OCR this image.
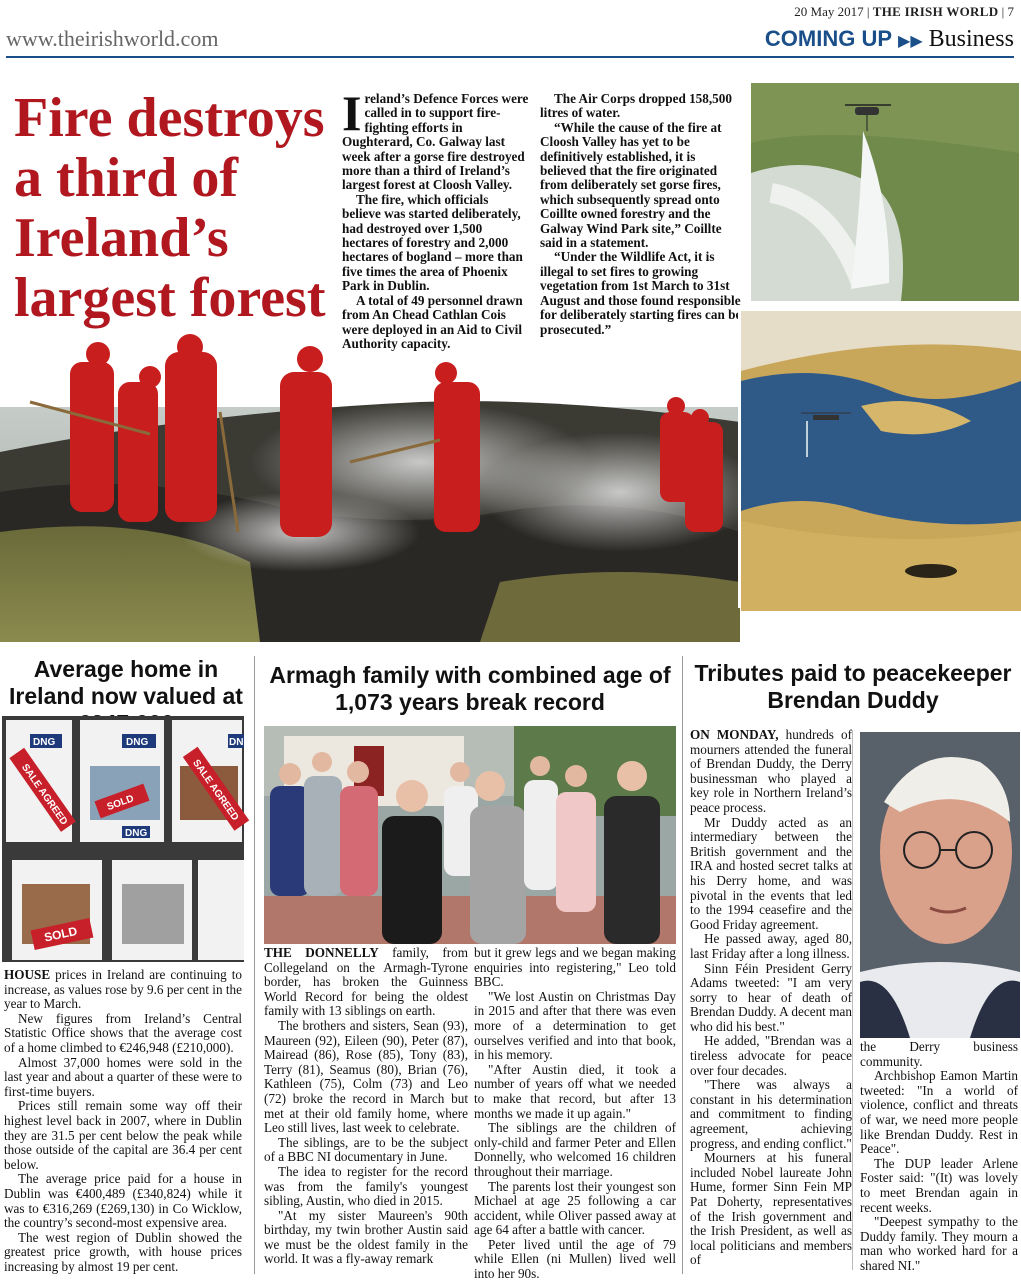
20 May 2017 | THE IRISH WORLD | 7
www.theirishworld.com	COMING UP ▶▶ Business
Fire destroys a third of Ireland’s largest forest
I reland’s Defence Forces were called in to support fire-fighting efforts in Oughterard, Co. Galway last week after a gorse fire destroyed more than a third of Ireland’s largest forest at Cloosh Valley.

The fire, which officials believe was started deliberately, had destroyed over 1,500 hectares of forestry and 2,000 hectares of bogland – more than five times the area of Phoenix Park in Dublin.

A total of 49 personnel drawn from An Chead Cathlan Cois were deployed in an Aid to Civil Authority capacity.

The Air Corps dropped 158,500 litres of water.

“While the cause of the fire at Cloosh Valley has yet to be definitively established, it is believed that the fire originated from deliberately set gorse fires, which subsequently spread onto Coillte owned forestry and the Galway Wind Park site,” Coillte said in a statement.

“Under the Wildlife Act, it is illegal to set fires to growing vegetation from 1st March to 31st August and those found responsible for deliberately starting fires can be prosecuted.”

Average home in Ireland now valued at
DNG	DNG	DNG
DNG
SALE AGREED	SOLD	SALE AGREED
SOLD

HOUSE prices in Ireland are continuing to increase, as values rose by 9.6 per cent in the year to March.

New figures from Ireland’s Central Statistic Office shows that the average cost of a home climbed to €246,948 (£210,000).

Almost 37,000 homes were sold in the last year and about a quarter of these were to first-time buyers.

Prices still remain some way off their highest level back in 2007, where in Dublin they are 31.5 per cent below the peak while those outside of the capital are 36.4 per cent below.

The average price paid for a house in Dublin was €400,489 (£340,824) while it was to €316,269 (£269,130) in Co Wicklow, the country’s second-most expensive area.

The west region of Dublin showed the greatest price growth, with house prices increasing by almost 19 per cent.

Armagh family with combined age of 1,073 years break record

THE DONNELLY family, from Collegeland on the Armagh-Tyrone border, has broken the Guinness World Record for being the oldest family with 13 siblings on earth.

The brothers and sisters, Sean (93), Maureen (92), Eileen (90), Peter (87), Mairead (86), Rose (85), Tony (83), Terry (81), Seamus (80), Brian (76), Kathleen (75), Colm (73) and Leo (72) broke the record in March but met at their old family home, where Leo still lives, last week to celebrate.

The siblings, are to be the subject of a BBC NI documentary in June.

The idea to register for the record was from the family's youngest sibling, Austin, who died in 2015.

"At my sister Maureen's 90th birthday, my twin brother Austin said we must be the oldest family in the world. It was a fly-away remark

but it grew legs and we began making enquiries into registering," Leo told BBC.

"We lost Austin on Christmas Day in 2015 and after that there was even more of a determination to get ourselves verified and into that book, in his memory.

"After Austin died, it took a number of years off what we needed to make that record, but after 13 months we made it up again."

The siblings are the children of only-child and farmer Peter and Ellen Donnelly, who welcomed 16 children throughout their marriage.

The parents lost their youngest son Michael at age 25 following a car accident, while Oliver passed away at age 64 after a battle with cancer.

Peter lived until the age of 79 while Ellen (ni Mullen) lived well into her 90s.

Tributes paid to peacekeeper Brendan Duddy

ON MONDAY, hundreds of mourners attended the funeral of Brendan Duddy, the Derry businessman who played a key role in Northern Ireland’s peace process.

Mr Duddy acted as an intermediary between the British government and the IRA and hosted secret talks at his Derry home, and was pivotal in the events that led to the 1994 ceasefire and the Good Friday agreement.

He passed away, aged 80, last Friday after a long illness.

Sinn Féin President Gerry Adams tweeted: "I am very sorry to hear of death of Brendan Duddy. A decent man who did his best."

He added, "Brendan was a tireless advocate for peace over four decades.

"There was always a constant in his determination and commitment to finding agreement, achieving progress, and ending conflict."

Mourners at his funeral included Nobel laureate John Hume, former Sinn Fein MP Pat Doherty, representatives of the Irish government and the Irish President, as well as local politicians and members of

the Derry business community.

Archbishop Eamon Martin tweeted: "In a world of violence, conflict and threats of war, we need more people like Brendan Duddy. Rest in Peace".

The DUP leader Arlene Foster said: "(It) was lovely to meet Brendan again in recent weeks.

"Deepest sympathy to the Duddy family. They mourn a man who worked hard for a shared NI."
